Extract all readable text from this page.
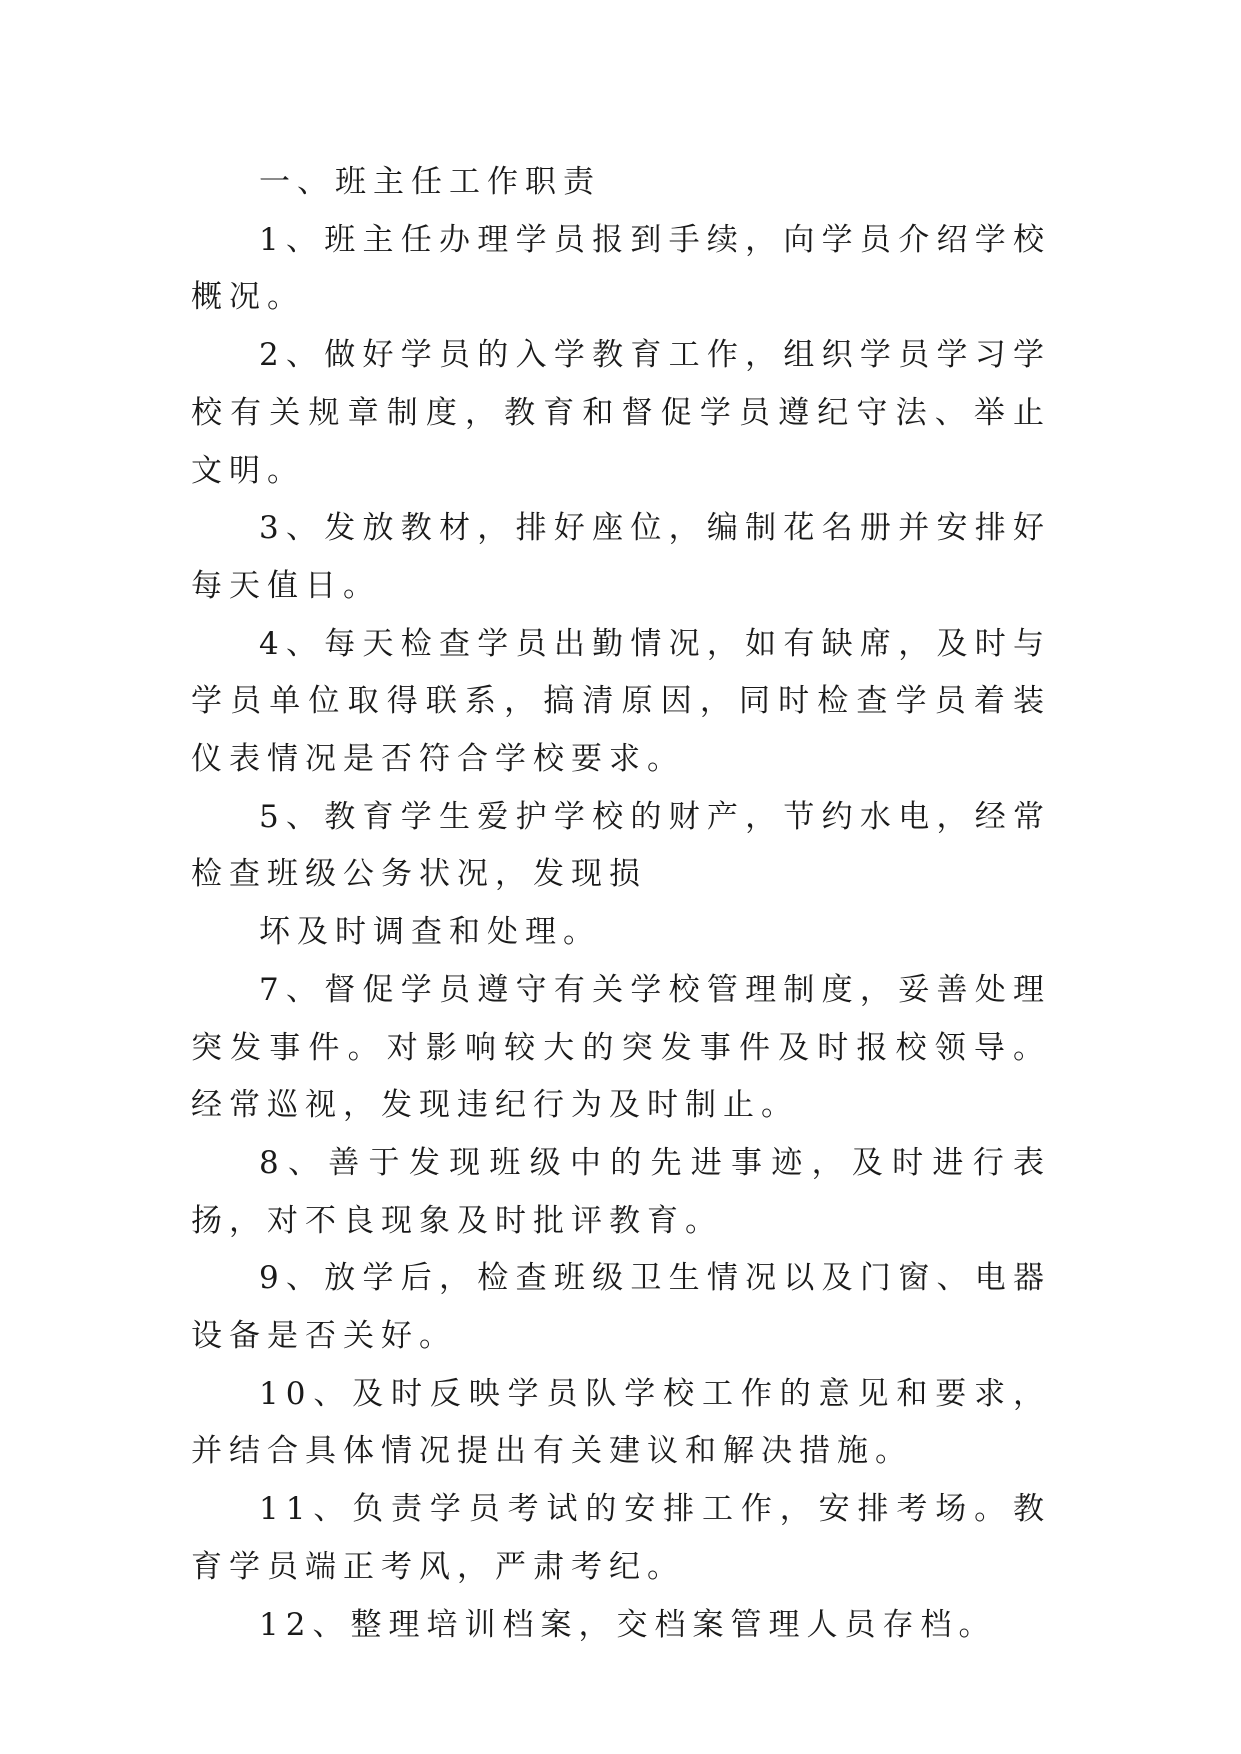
一、班主任工作职责

1、班主任办理学员报到手续，向学员介绍学校概况。

2、做好学员的入学教育工作，组织学员学习学校有关规章制度，教育和督促学员遵纪守法、举止文明。

3、发放教材，排好座位，编制花名册并安排好每天值日。

4、每天检查学员出勤情况，如有缺席，及时与学员单位取得联系，搞清原因，同时检查学员着装仪表情况是否符合学校要求。

5、教育学生爱护学校的财产，节约水电，经常检查班级公务状况，发现损

坏及时调查和处理。

7、督促学员遵守有关学校管理制度，妥善处理突发事件。对影响较大的突发事件及时报校领导。经常巡视，发现违纪行为及时制止。

8、善于发现班级中的先进事迹，及时进行表扬，对不良现象及时批评教育。

9、放学后，检查班级卫生情况以及门窗、电器设备是否关好。

10、及时反映学员队学校工作的意见和要求，并结合具体情况提出有关建议和解决措施。

11、负责学员考试的安排工作，安排考场。教育学员端正考风，严肃考纪。

12、整理培训档案，交档案管理人员存档。
